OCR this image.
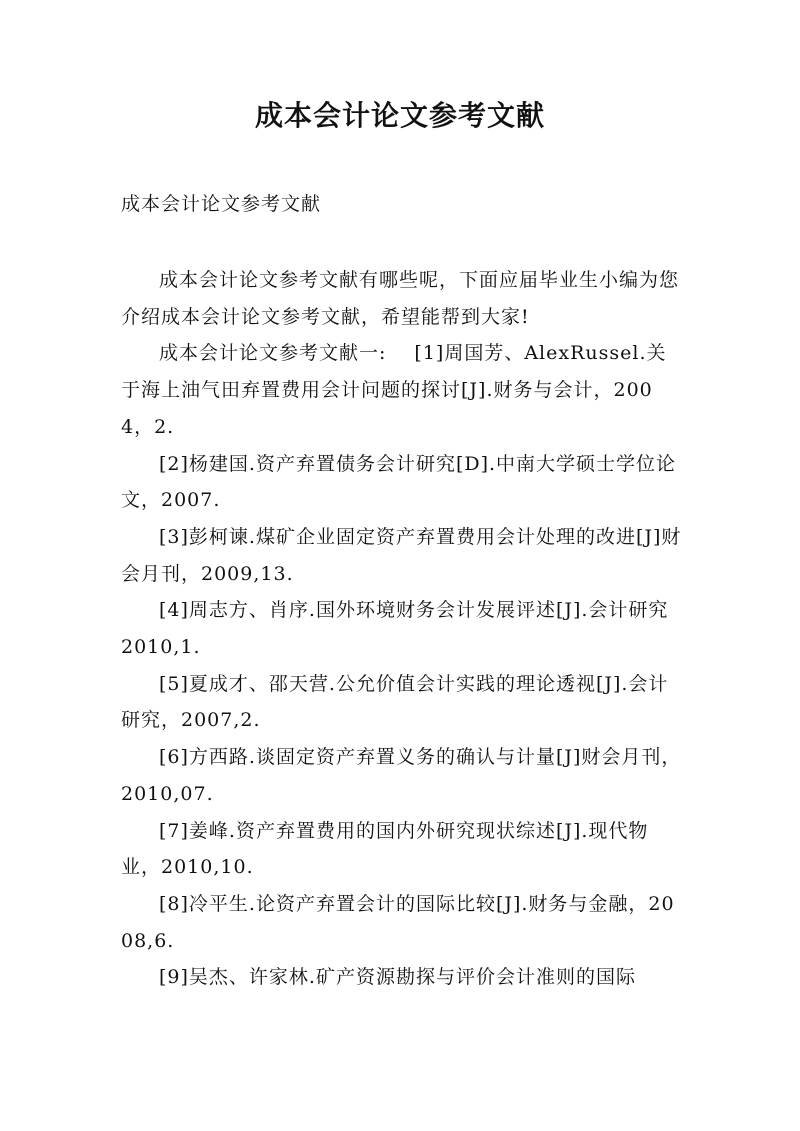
成本会计论文参考文献
成本会计论文参考文献

成本会计论文参考文献有哪些呢，下面应届毕业生小编为您介绍成本会计论文参考文献，希望能帮到大家!

成本会计论文参考文献一: [1]周国芳、AlexRussel.关于海上油气田弃置费用会计问题的探讨[J].财务与会计，2004，2.

[2]杨建国.资产弃置债务会计研究[D].中南大学硕士学位论文，2007.

[3]彭柯谏.煤矿企业固定资产弃置费用会计处理的改进[J]财会月刊，2009,13.

[4]周志方、肖序.国外环境财务会计发展评述[J].会计研究 2010,1.

[5]夏成才、邵天营.公允价值会计实践的理论透视[J].会计研究，2007,2.

[6]方西路.谈固定资产弃置义务的确认与计量[J]财会月刊，2010,07.

[7]姜峰.资产弃置费用的国内外研究现状综述[J].现代物业，2010,10.

[8]冷平生.论资产弃置会计的国际比较[J].财务与金融，2008,6.

[9]吴杰、许家林.矿产资源勘探与评价会计准则的国际
